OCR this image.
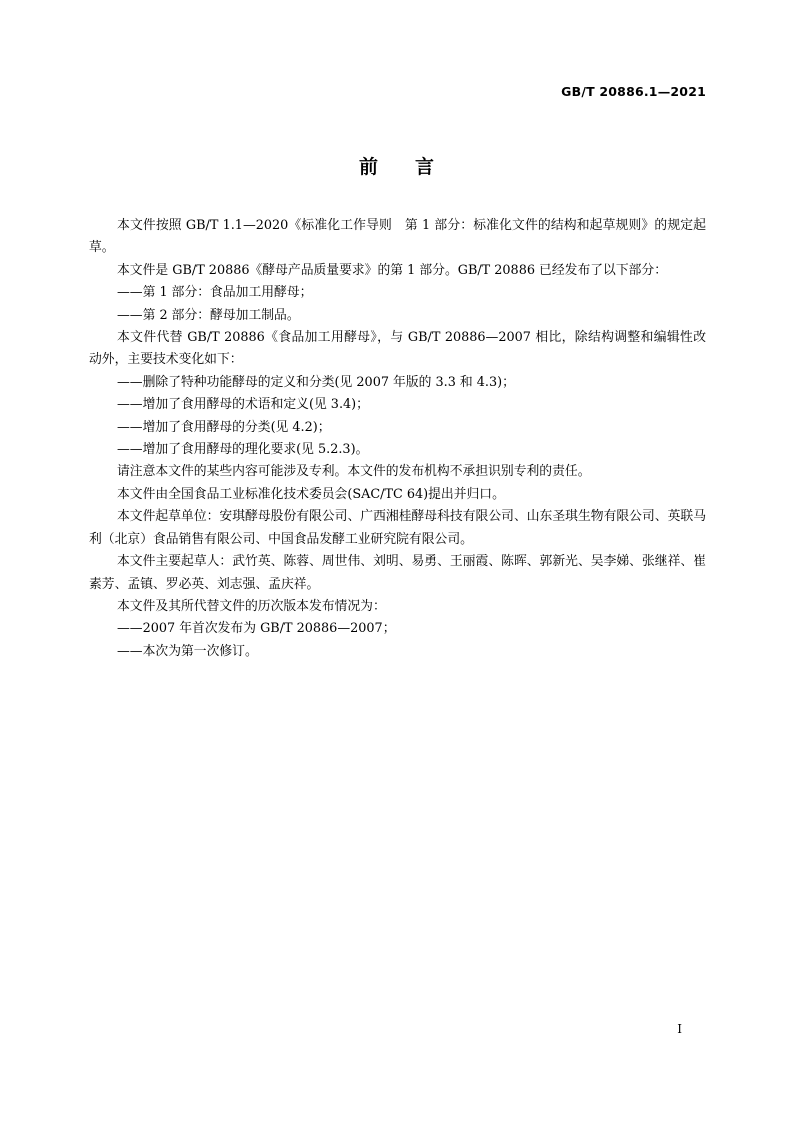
GB/T 20886.1—2021
前 言

本文件按照 GB/T 1.1—2020《标准化工作导则　第 1 部分：标准化文件的结构和起草规则》的规定起草。

本文件是 GB/T 20886《酵母产品质量要求》的第 1 部分。GB/T 20886 已经发布了以下部分：

——第 1 部分：食品加工用酵母；

——第 2 部分：酵母加工制品。

本文件代替 GB/T 20886《食品加工用酵母》，与 GB/T 20886—2007 相比，除结构调整和编辑性改动外，主要技术变化如下：

——删除了特种功能酵母的定义和分类(见 2007 年版的 3.3 和 4.3)；

——增加了食用酵母的术语和定义(见 3.4)；

——增加了食用酵母的分类(见 4.2)；

——增加了食用酵母的理化要求(见 5.2.3)。

请注意本文件的某些内容可能涉及专利。本文件的发布机构不承担识别专利的责任。

本文件由全国食品工业标准化技术委员会(SAC/TC 64)提出并归口。

本文件起草单位：安琪酵母股份有限公司、广西湘桂酵母科技有限公司、山东圣琪生物有限公司、英联马利（北京）食品销售有限公司、中国食品发酵工业研究院有限公司。

本文件主要起草人：武竹英、陈蓉、周世伟、刘明、易勇、王丽霞、陈晖、郭新光、吴李娣、张继祥、崔素芳、孟镇、罗必英、刘志强、孟庆祥。

本文件及其所代替文件的历次版本发布情况为：

——2007 年首次发布为 GB/T 20886—2007；

——本次为第一次修订。

I
